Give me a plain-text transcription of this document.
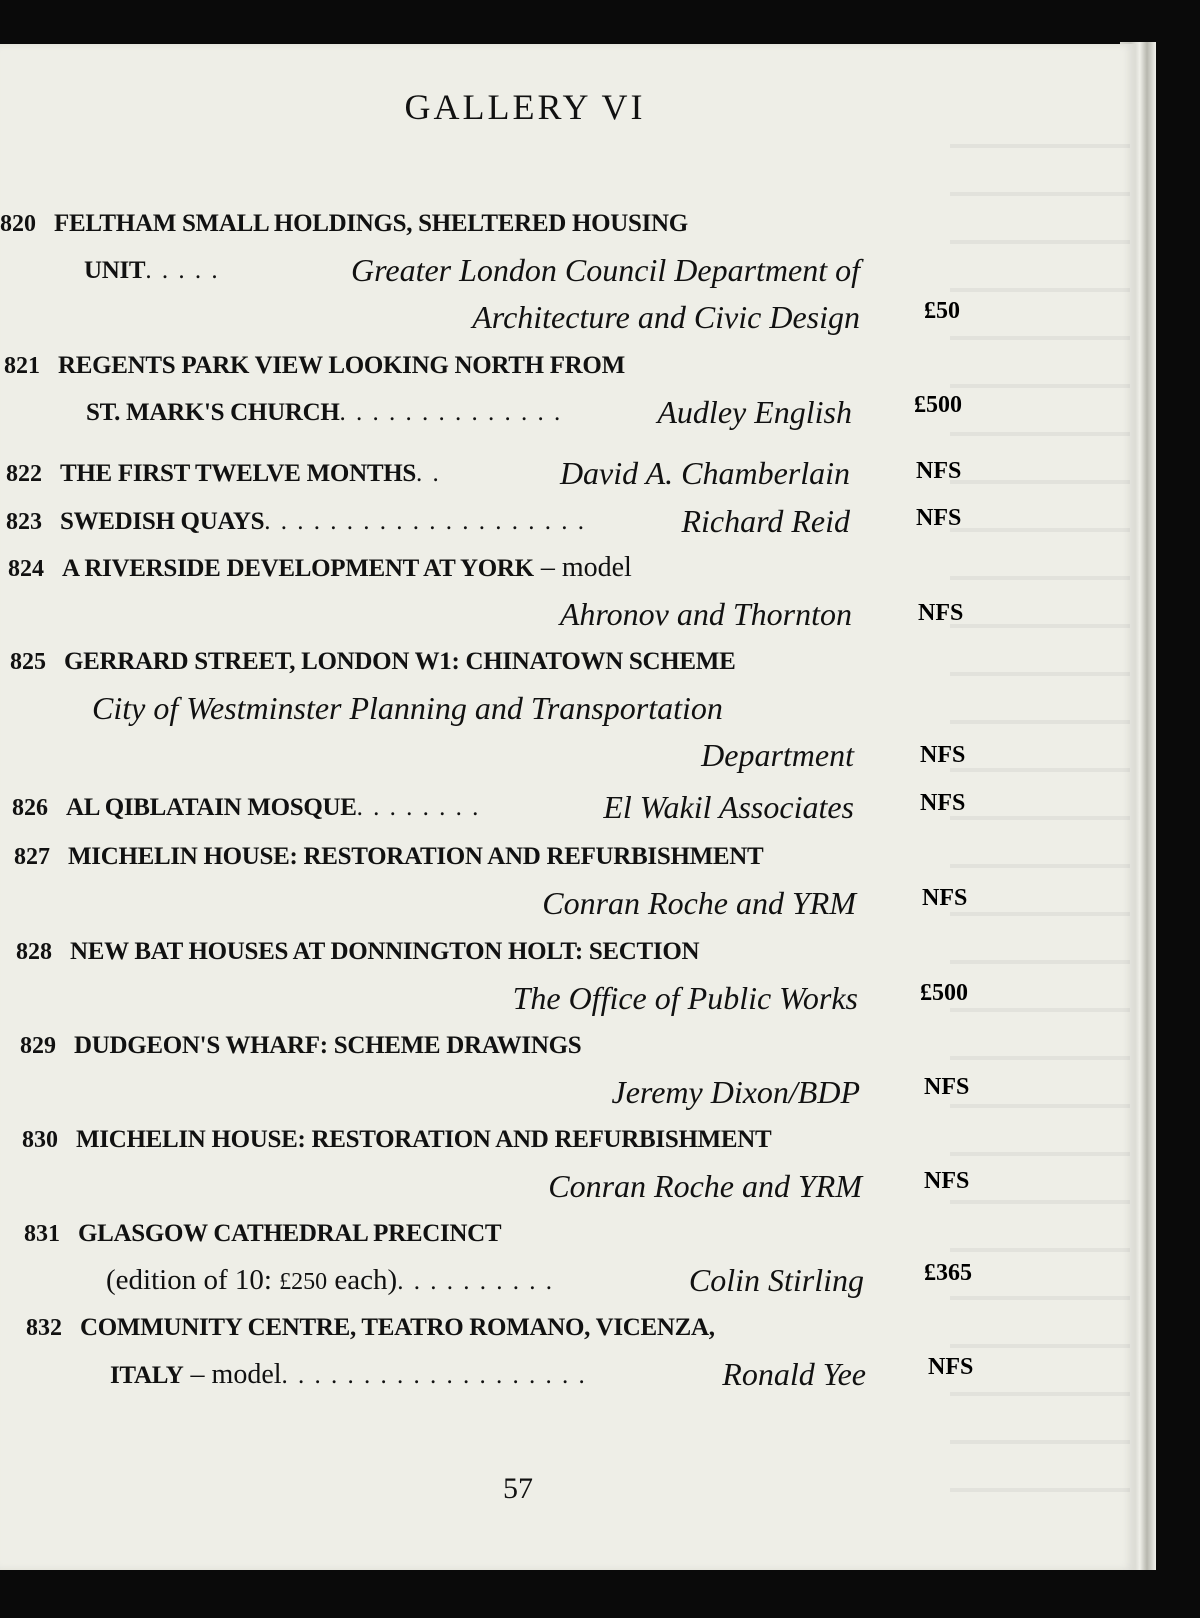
GALLERY VI
820 FELTHAM SMALL HOLDINGS, SHELTERED HOUSING
UNIT. . . . .	Greater London Council Department of
Architecture and Civic Design	£50
821 REGENTS PARK VIEW LOOKING NORTH FROM
ST. MARK'S CHURCH. . . . . . . . . . . . . .	Audley English	£500
822 THE FIRST TWELVE MONTHS. .	David A. Chamberlain	NFS
823 SWEDISH QUAYS. . . . . . . . . . . . . . . . . . . .	Richard Reid	NFS
824 A RIVERSIDE DEVELOPMENT AT YORK – model
Ahronov and Thornton	NFS
825 GERRARD STREET, LONDON W1: CHINATOWN SCHEME
City of Westminster Planning and Transportation
Department	NFS
826 AL QIBLATAIN MOSQUE. . . . . . . .	El Wakil Associates	NFS
827 MICHELIN HOUSE: RESTORATION AND REFURBISHMENT
Conran Roche and YRM	NFS
828 NEW BAT HOUSES AT DONNINGTON HOLT: SECTION
The Office of Public Works	£500
829 DUDGEON'S WHARF: SCHEME DRAWINGS
Jeremy Dixon/BDP	NFS
830 MICHELIN HOUSE: RESTORATION AND REFURBISHMENT
Conran Roche and YRM	NFS
831 GLASGOW CATHEDRAL PRECINCT
(edition of 10: £250 each). . . . . . . . . .	Colin Stirling	£365
832 COMMUNITY CENTRE, TEATRO ROMANO, VICENZA,
ITALY – model. . . . . . . . . . . . . . . . . . .	Ronald Yee	NFS
57
